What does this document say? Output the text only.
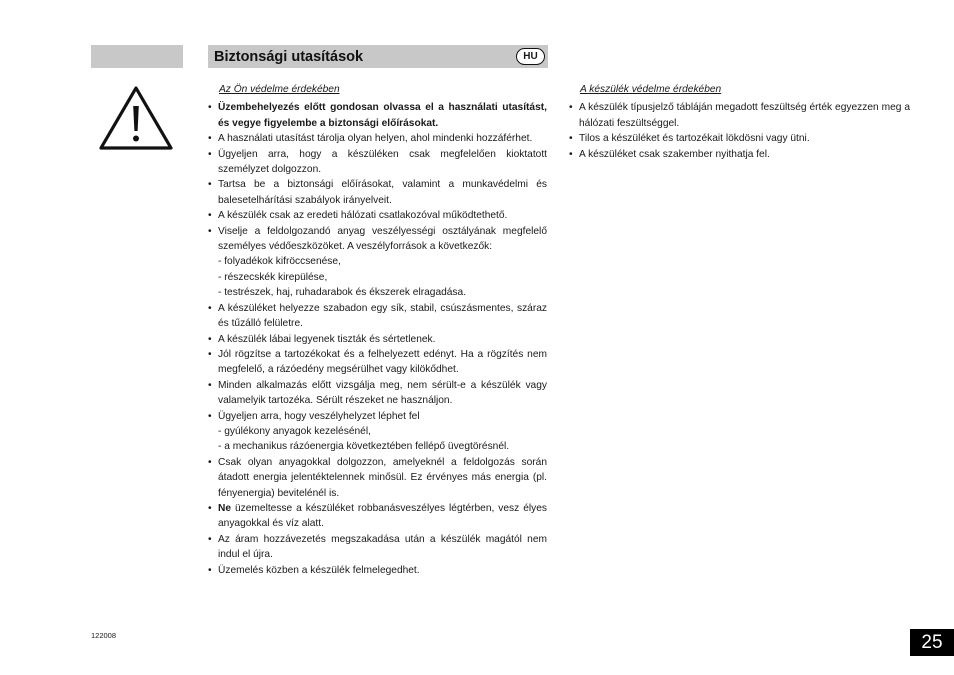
Biztonsági utasítások	HU
Az Ön védelme érdekében
• Üzembehelyezés előtt gondosan olvassa el a használati utasítást, és vegye figyelembe a biztonsági előírásokat.
• A használati utasítást tárolja olyan helyen, ahol mindenki hozzáférhet.
• Ügyeljen arra, hogy a készüléken csak megfelelően kioktatott személyzet dolgozzon.
• Tartsa be a biztonsági előírásokat, valamint a munkavédelmi és balesetelhárítási szabályok irányelveit.
• A készülék csak az eredeti hálózati csatlakozóval működtethető.
• Viselje a feldolgozandó anyag veszélyességi osztályának megfelelő személyes védőeszközöket. A veszélyforrások a következők:
- folyadékok kifröccsenése,
- részecskék kirepülése,
- testrészek, haj, ruhadarabok és ékszerek elragadása.
• A készüléket helyezze szabadon egy sík, stabil, csúszásmentes, száraz és tűzálló felületre.
• A készülék lábai legyenek tiszták és sértetlenek.
• Jól rögzítse a tartozékokat és a felhelyezett edényt. Ha a rögzítés nem megfelelő, a rázóedény megsérülhet vagy kilökődhet.
• Minden alkalmazás előtt vizsgálja meg, nem sérült-e a készülék vagy valamelyik tartozéka. Sérült részeket ne használjon.
• Ügyeljen arra, hogy veszélyhelyzet léphet fel
- gyúlékony anyagok kezelésénél,
- a mechanikus rázóenergia következtében fellépő üvegtörésnél.
• Csak olyan anyagokkal dolgozzon, amelyeknél a feldolgozás során átadott energia jelentéktelennek minősül. Ez érvényes más energia (pl. fényenergia) bevitelénél is.
• Ne üzemeltesse a készüléket robbanásveszélyes légtérben, vesz élyes anyagokkal és víz alatt.
• Az áram hozzávezetés megszakadása után a készülék magától nem indul el újra.
• Üzemelés közben a készülék felmelegedhet.
A készülék védelme érdekében
• A készülék típusjelző tábláján megadott feszültség érték egyezzen meg a hálózati feszültséggel.
• Tilos a készüléket és tartozékait lökdösni vagy ütni.
• A készüléket csak szakember nyithatja fel.
122008	25
